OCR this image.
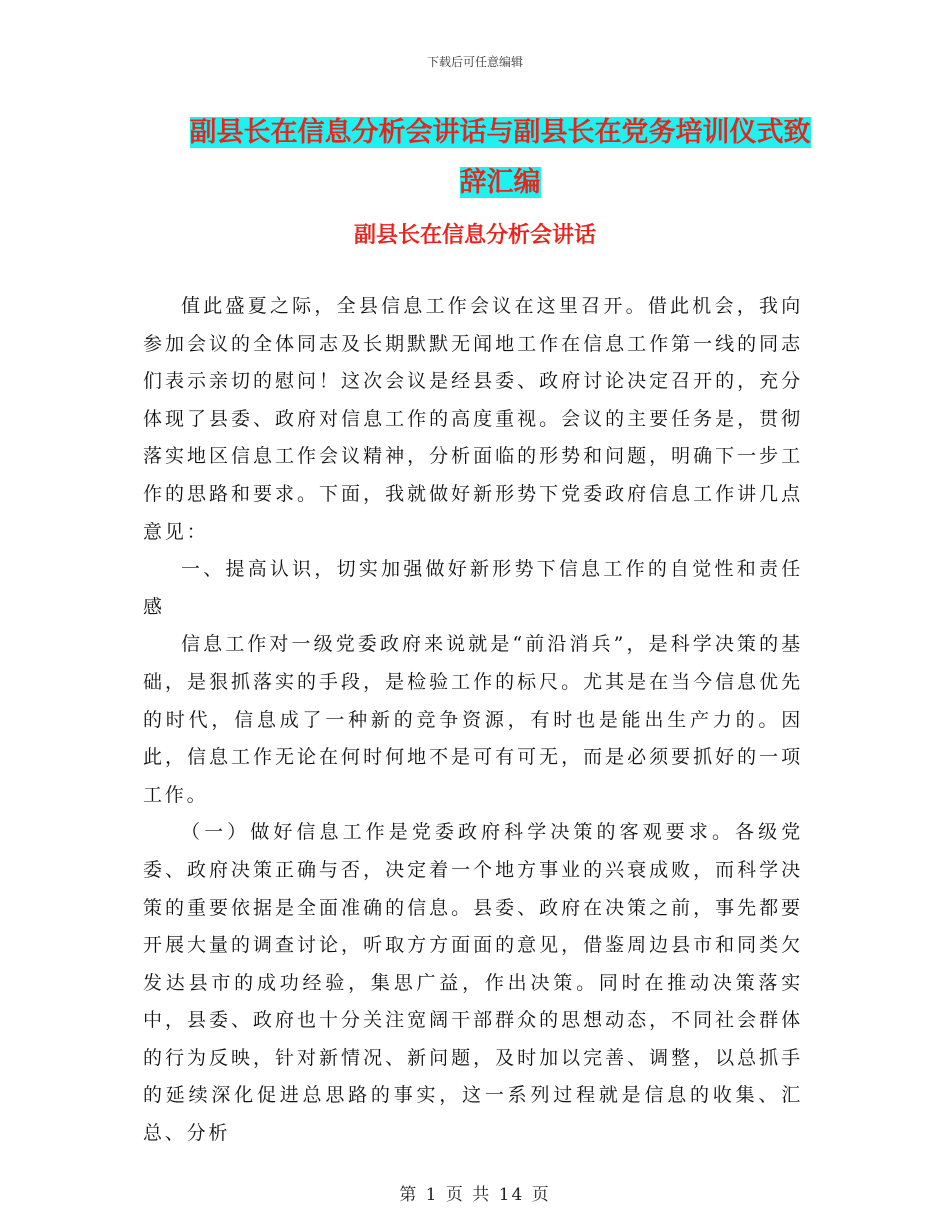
下载后可任意编辑
副县长在信息分析会讲话与副县长在党务培训仪式致
辞汇编
副县长在信息分析会讲话

值此盛夏之际，全县信息工作会议在这里召开。借此机会，我向参加会议的全体同志及长期默默无闻地工作在信息工作第一线的同志们表示亲切的慰问！这次会议是经县委、政府讨论决定召开的，充分体现了县委、政府对信息工作的高度重视。会议的主要任务是，贯彻落实地区信息工作会议精神，分析面临的形势和问题，明确下一步工作的思路和要求。下面，我就做好新形势下党委政府信息工作讲几点意见：

一、提高认识，切实加强做好新形势下信息工作的自觉性和责任感

信息工作对一级党委政府来说就是“前沿消兵”，是科学决策的基础，是狠抓落实的手段，是检验工作的标尺。尤其是在当今信息优先的时代，信息成了一种新的竞争资源，有时也是能出生产力的。因此，信息工作无论在何时何地不是可有可无，而是必须要抓好的一项工作。

（一）做好信息工作是党委政府科学决策的客观要求。各级党委、政府决策正确与否，决定着一个地方事业的兴衰成败，而科学决策的重要依据是全面准确的信息。县委、政府在决策之前，事先都要开展大量的调查讨论，听取方方面面的意见，借鉴周边县市和同类欠发达县市的成功经验，集思广益，作出决策。同时在推动决策落实中，县委、政府也十分关注宽阔干部群众的思想动态，不同社会群体的行为反映，针对新情况、新问题，及时加以完善、调整，以总抓手的延续深化促进总思路的事实，这一系列过程就是信息的收集、汇总、分析

第 1 页 共 14 页
